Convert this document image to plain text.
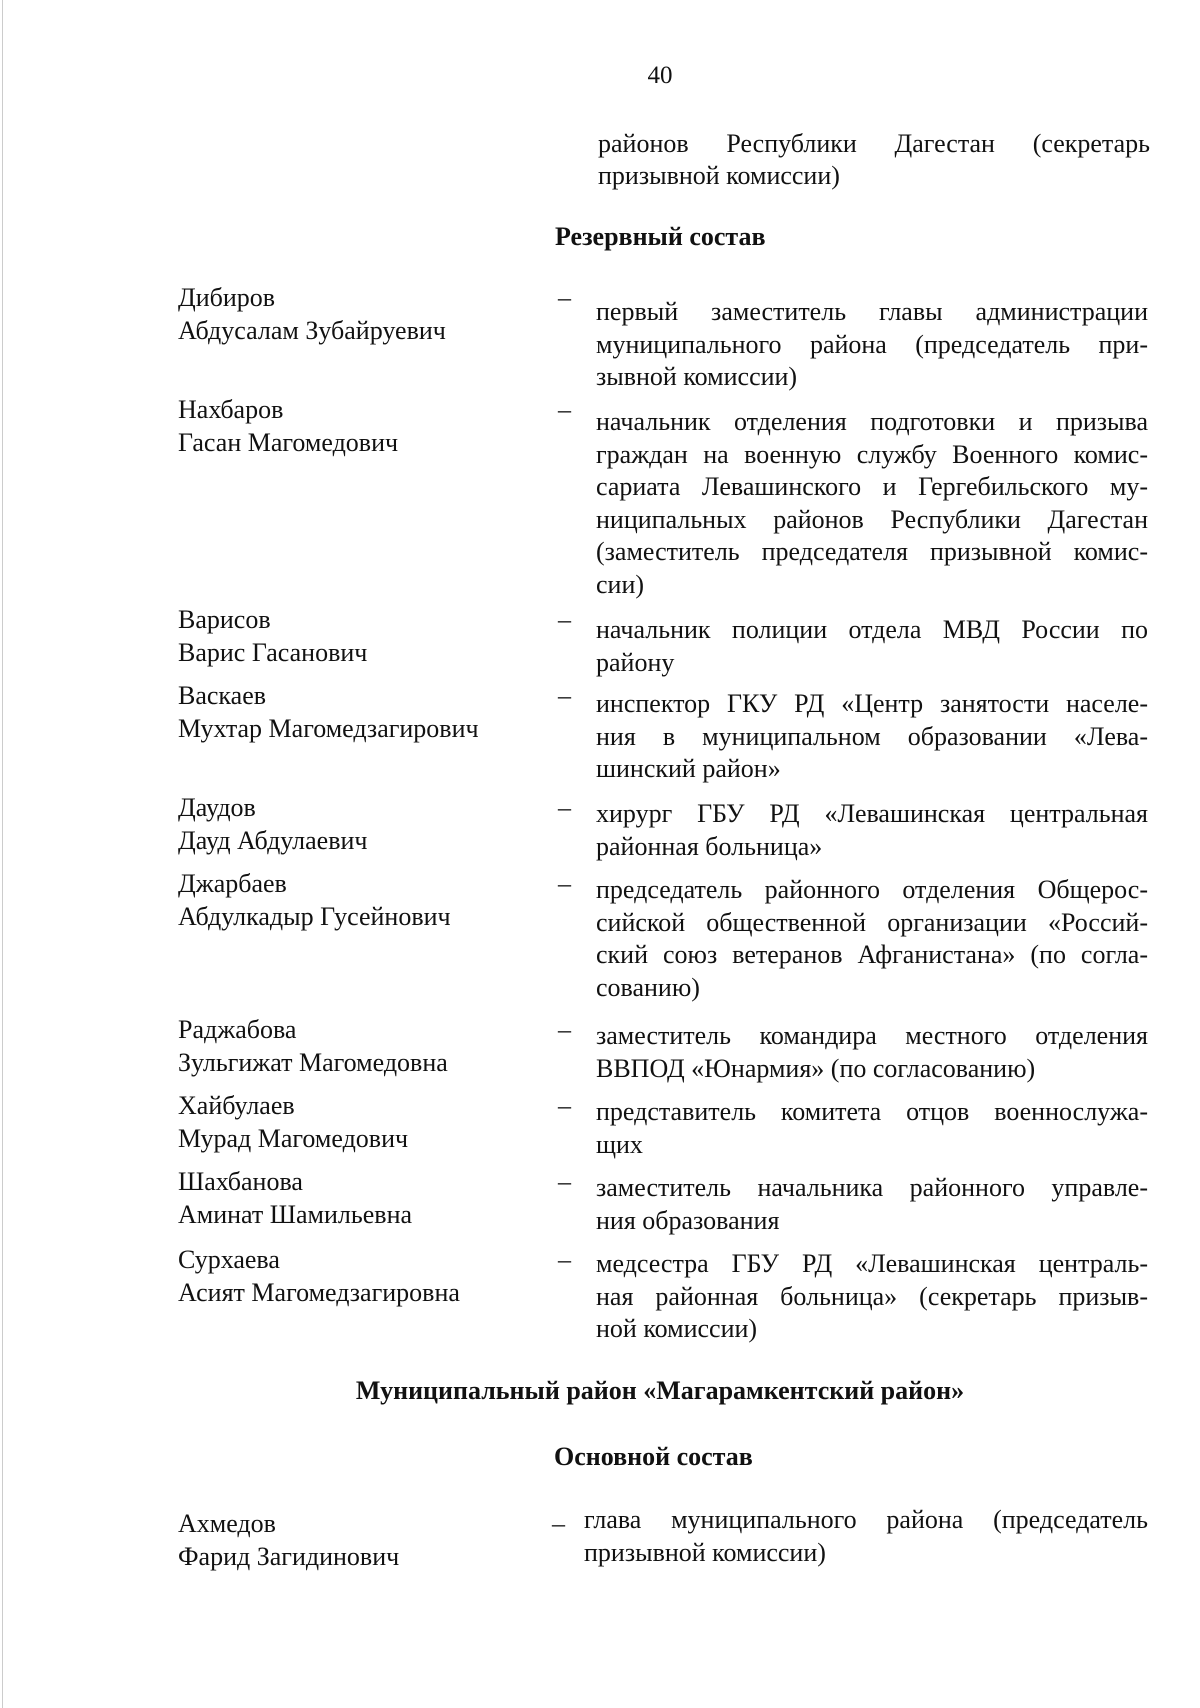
40
районов Республики Дагестан (секретарь
призывной комиссии)
Резервный состав
Дибиров
Абдусалам Зубайруевич
– первый заместитель главы администрации
муниципального района (председатель при-
зывной комиссии)
Нахбаров
Гасан Магомедович
– начальник отделения подготовки и призыва
граждан на военную службу Военного комис-
сариата Левашинского и Гергебильского му-
ниципальных районов Республики Дагестан
(заместитель председателя призывной комис-
сии)
Варисов
Варис Гасанович
– начальник полиции отдела МВД России по
району
Васкаев
Мухтар Магомедзагирович
– инспектор ГКУ РД «Центр занятости населе-
ния в муниципальном образовании «Лева-
шинский район»
Даудов
Дауд Абдулаевич
– хирург ГБУ РД «Левашинская центральная
районная больница»
Джарбаев
Абдулкадыр Гусейнович
– председатель районного отделения Общерос-
сийской общественной организации «Россий-
ский союз ветеранов Афганистана» (по согла-
сованию)
Раджабова
Зульгижат Магомедовна
– заместитель командира местного отделения
ВВПОД «Юнармия» (по согласованию)
Хайбулаев
Мурад Магомедович
– представитель комитета отцов военнослужа-
щих
Шахбанова
Аминат Шамильевна
– заместитель начальника районного управле-
ния образования
Сурхаева
Асият Магомедзагировна
– медсестра ГБУ РД «Левашинская централь-
ная районная больница» (секретарь призыв-
ной комиссии)
Муниципальный район «Магарамкентский район»
Основной состав
Ахмедов
Фарид Загидинович
– глава муниципального района (председатель
призывной комиссии)
